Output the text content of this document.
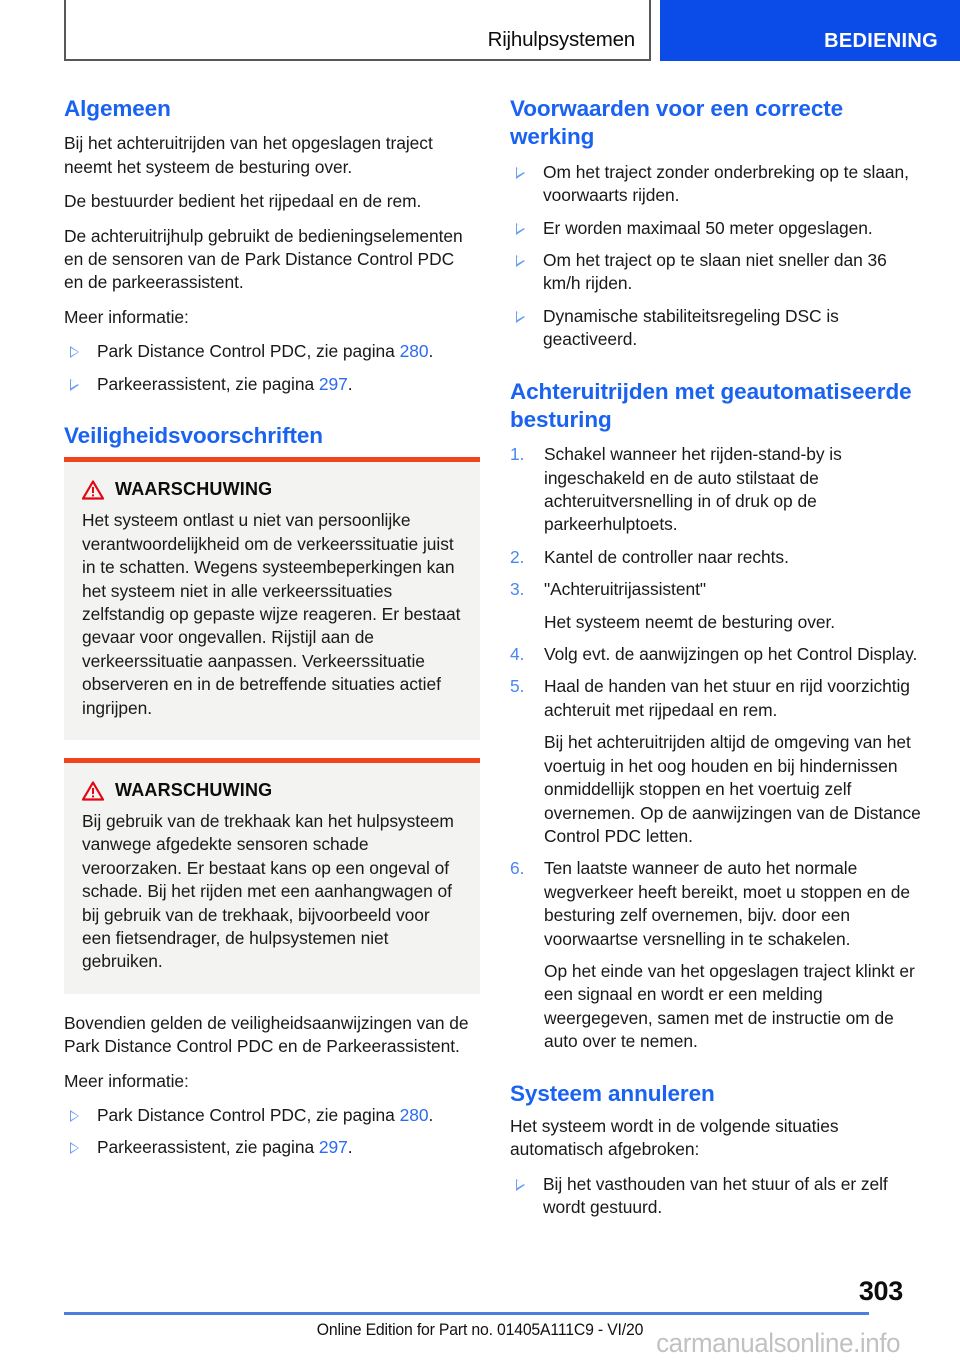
Rijhulpsystemen	BEDIENING
Algemeen

Bij het achteruitrijden van het opgeslagen traject neemt het systeem de besturing over.

De bestuurder bedient het rijpedaal en de rem.

De achteruitrijhulp gebruikt de bedieningselementen en de sensoren van de Park Distance Control PDC en de parkeerassistent.

Meer informatie:

Park Distance Control PDC, zie pagina 280.
Parkeerassistent, zie pagina 297.
Veiligheidsvoorschriften
WAARSCHUWING

Het systeem ontlast u niet van persoonlijke verantwoordelijkheid om de verkeerssituatie juist in te schatten. Wegens systeembeperkingen kan het systeem niet in alle verkeerssituaties zelfstandig op gepaste wijze reageren. Er bestaat gevaar voor ongevallen. Rijstijl aan de verkeerssituatie aanpassen. Verkeerssituatie observeren en in de betreffende situaties actief ingrijpen.

WAARSCHUWING

Bij gebruik van de trekhaak kan het hulpsysteem vanwege afgedekte sensoren schade veroorzaken. Er bestaat kans op een ongeval of schade. Bij het rijden met een aanhangwagen of bij gebruik van de trekhaak, bijvoorbeeld voor een fietsendrager, de hulpsystemen niet gebruiken.

Bovendien gelden de veiligheidsaanwijzingen van de Park Distance Control PDC en de Parkeerassistent.

Meer informatie:

Park Distance Control PDC, zie pagina 280.
Parkeerassistent, zie pagina 297.
Voorwaarden voor een correcte werking
Om het traject zonder onderbreking op te slaan, voorwaarts rijden.
Er worden maximaal 50 meter opgeslagen.
Om het traject op te slaan niet sneller dan 36 km/h rijden.
Dynamische stabiliteitsregeling DSC is geactiveerd.
Achteruitrijden met geautomatiseerde besturing
1. Schakel wanneer het rijden-stand-by is ingeschakeld en de auto stilstaat de achteruitversnelling in of druk op de parkeerhulptoets.
2. Kantel de controller naar rechts.
3. "Achteruitrijassistent"
Het systeem neemt de besturing over.
4. Volg evt. de aanwijzingen op het Control Display.
5. Haal de handen van het stuur en rijd voorzichtig achteruit met rijpedaal en rem.
Bij het achteruitrijden altijd de omgeving van het voertuig in het oog houden en bij hindernissen onmiddellijk stoppen en het voertuig zelf overnemen. Op de aanwijzingen van de Distance Control PDC letten.
6. Ten laatste wanneer de auto het normale wegverkeer heeft bereikt, moet u stoppen en de besturing zelf overnemen, bijv. door een voorwaartse versnelling in te schakelen.
Op het einde van het opgeslagen traject klinkt er een signaal en wordt er een melding weergegeven, samen met de instructie om de auto over te nemen.
Systeem annuleren

Het systeem wordt in de volgende situaties automatisch afgebroken:

Bij het vasthouden van het stuur of als er zelf wordt gestuurd.
303
Online Edition for Part no. 01405A111C9 - VI/20 carmanualsonline.info
